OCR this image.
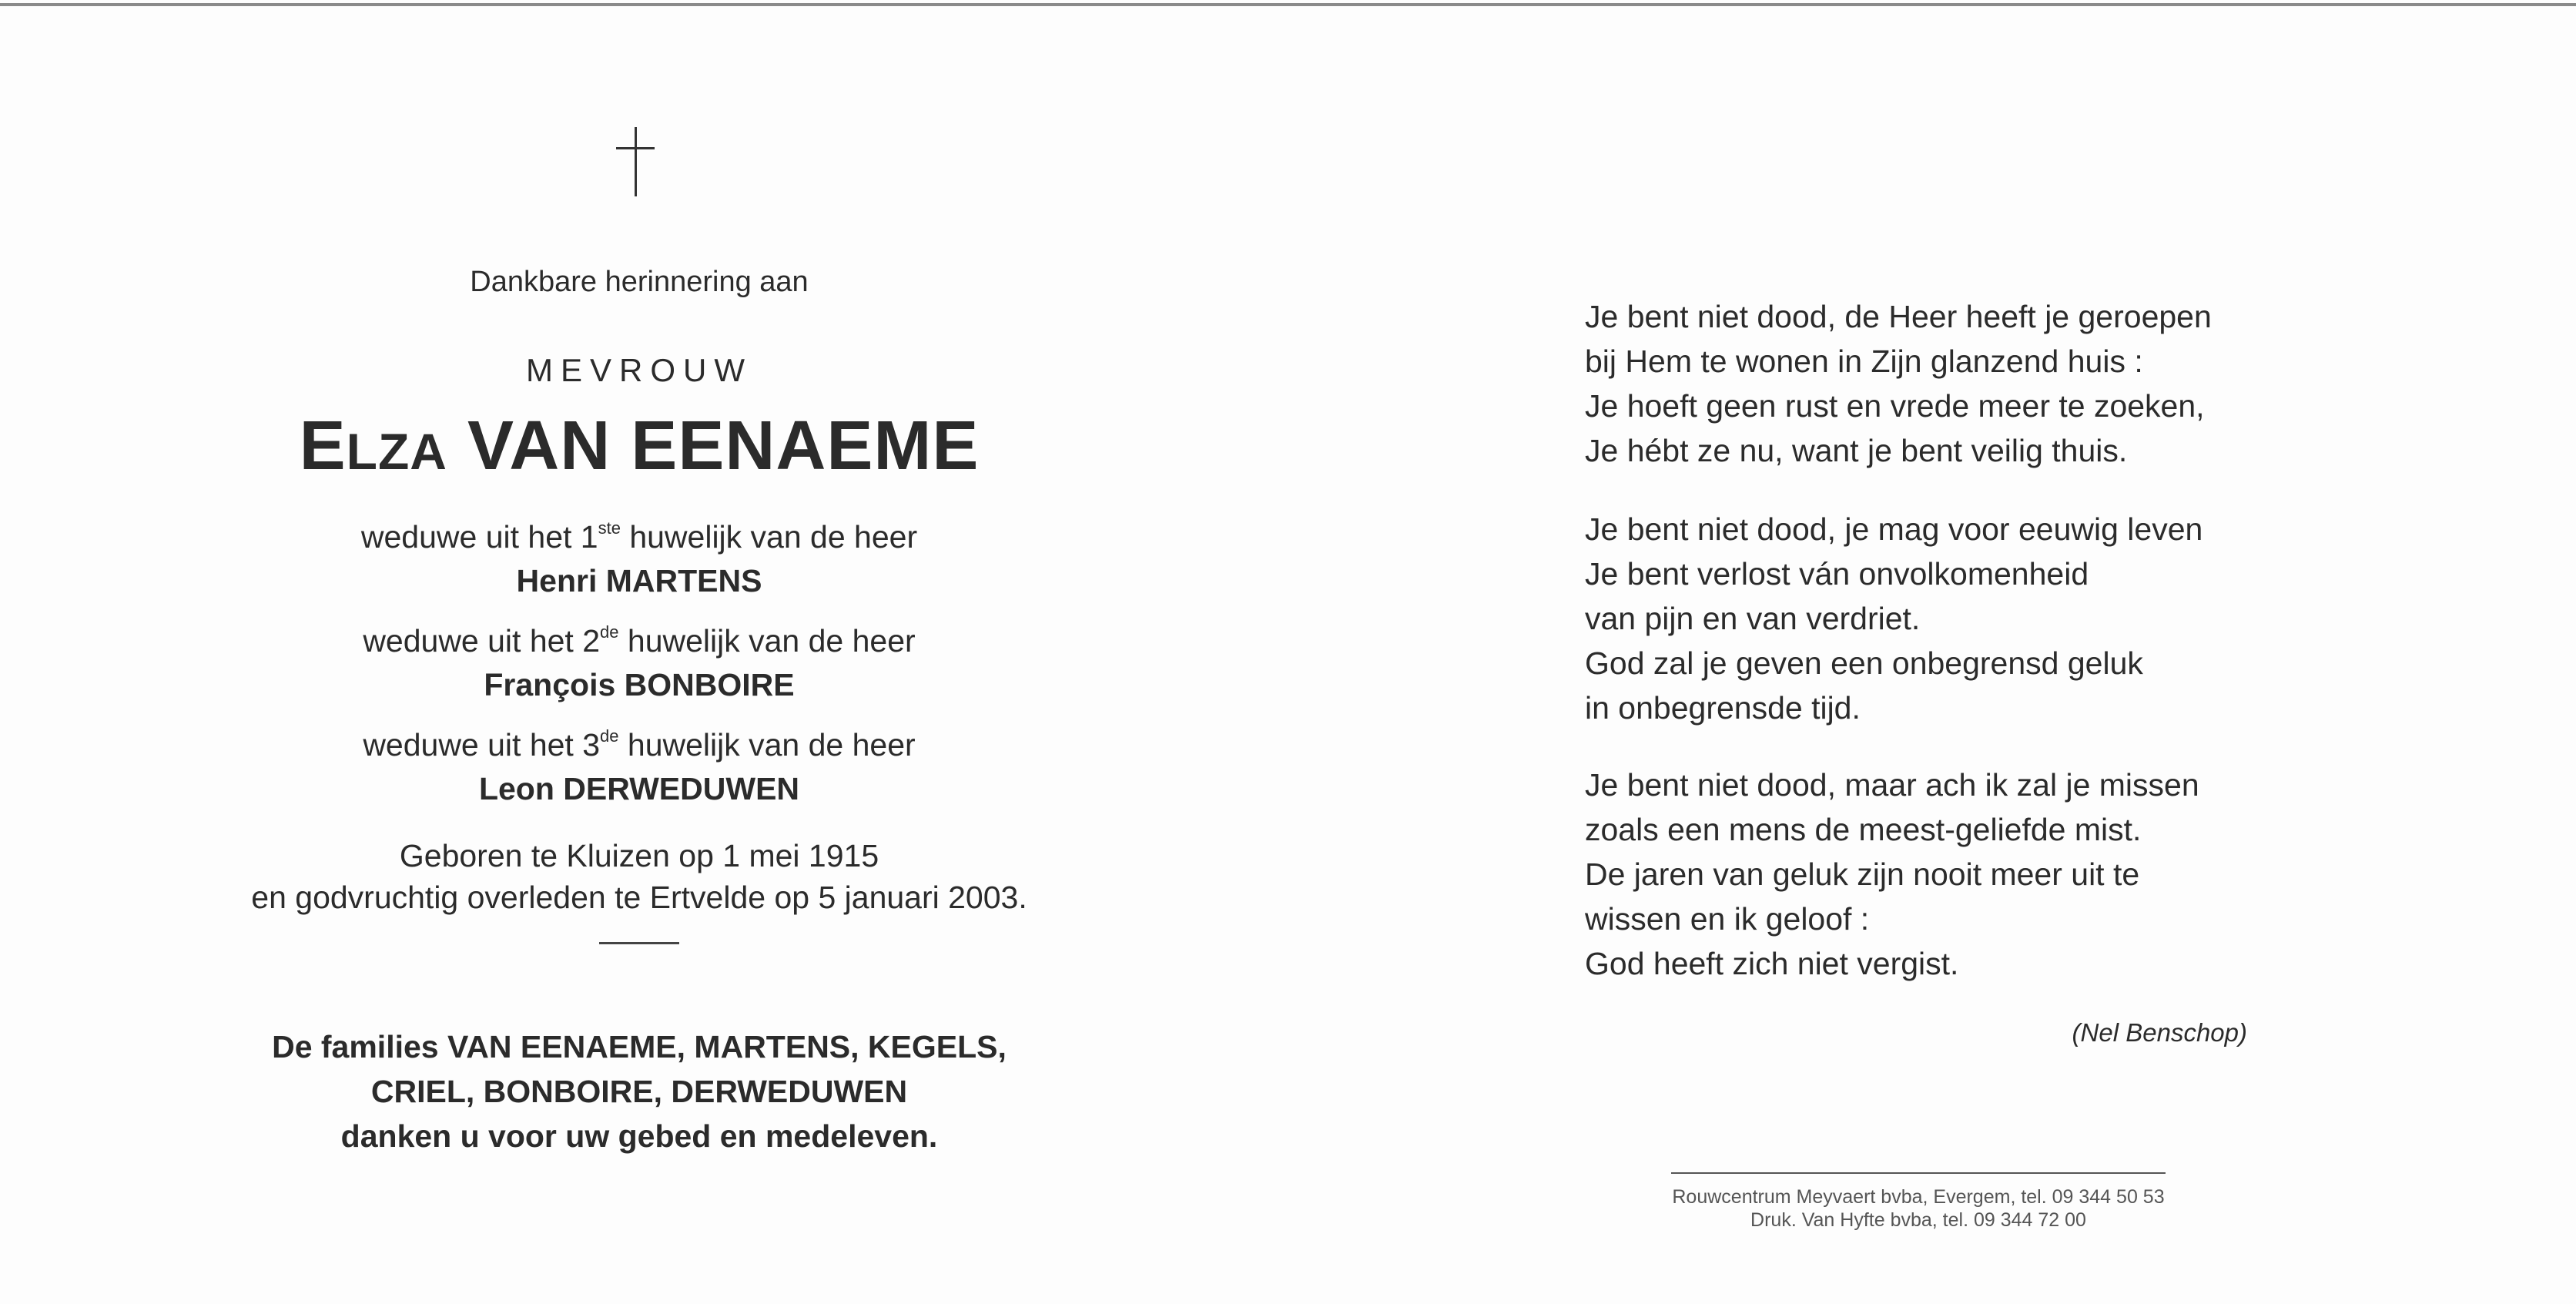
Dankbare herinnering aan
MEVROUW
ELZA VAN EENAEME
weduwe uit het 1ste huwelijk van de heer
Henri MARTENS
weduwe uit het 2de huwelijk van de heer
François BONBOIRE
weduwe uit het 3de huwelijk van de heer
Leon DERWEDUWEN
Geboren te Kluizen op 1 mei 1915
en godvruchtig overleden te Ertvelde op 5 januari 2003.
De families VAN EENAEME, MARTENS, KEGELS,
CRIEL, BONBOIRE, DERWEDUWEN
danken u voor uw gebed en medeleven.
Je bent niet dood, de Heer heeft je geroepen
bij Hem te wonen in Zijn glanzend huis :
Je hoeft geen rust en vrede meer te zoeken,
Je hébt ze nu, want je bent veilig thuis.
Je bent niet dood, je mag voor eeuwig leven
Je bent verlost ván onvolkomenheid
van pijn en van verdriet.
God zal je geven een onbegrensd geluk
in onbegrensde tijd.
Je bent niet dood, maar ach ik zal je missen
zoals een mens de meest-geliefde mist.
De jaren van geluk zijn nooit meer uit te
wissen en ik geloof :
God heeft zich niet vergist.
(Nel Benschop)
Rouwcentrum Meyvaert bvba, Evergem, tel. 09 344 50 53
Druk. Van Hyfte bvba, tel. 09 344 72 00
